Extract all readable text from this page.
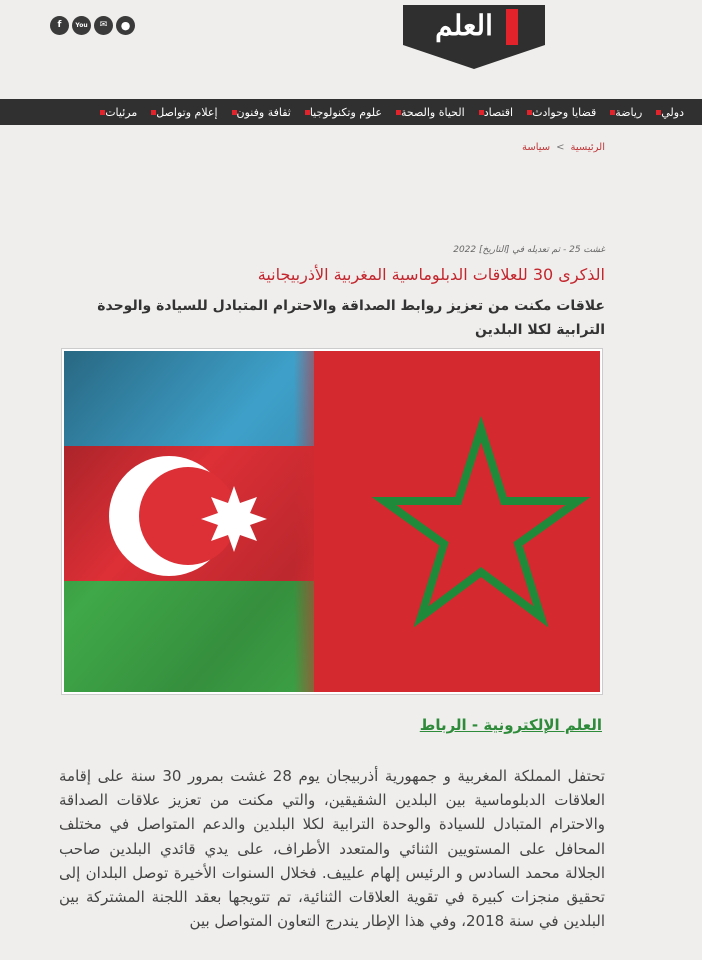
f	You	✉	●	العلم
دولي
رياضة
قضايا وحوادث
اقتصاد
الحياة والصحة
علوم وتكنولوجيا
ثقافة وفنون
إعلام وتواصل
مرئيات
الرئيسية
>
سياسة
غشت 25 - تم تعديله في [التاريخ] 2022
الذكرى 30 للعلاقات الدبلوماسية المغربية الأذربيجانية
علاقات مكنت من تعزيز روابط الصداقة والاحترام المتبادل للسيادة والوحدة الترابية لكلا البلدين
العلم الإلكترونية - الرباط

تحتفل المملكة المغربية و جمهورية أذربيجان يوم 28 غشت بمرور 30 سنة على إقامة العلاقات الدبلوماسية بين البلدين الشقيقين، والتي مكنت من تعزيز علاقات الصداقة والاحترام المتبادل للسيادة والوحدة الترابية لكلا البلدين والدعم المتواصل في مختلف المحافل على المستويين الثنائي والمتعدد الأطراف، على يدي قائدي البلدين صاحب الجلالة محمد السادس و الرئيس إلهام علييف. فخلال السنوات الأخيرة توصل البلدان إلى تحقيق منجزات كبيرة في تقوية العلاقات الثنائية، تم تتويجها بعقد اللجنة المشتركة بين البلدين في سنة 2018، وفي هذا الإطار يندرج التعاون المتواصل بين
